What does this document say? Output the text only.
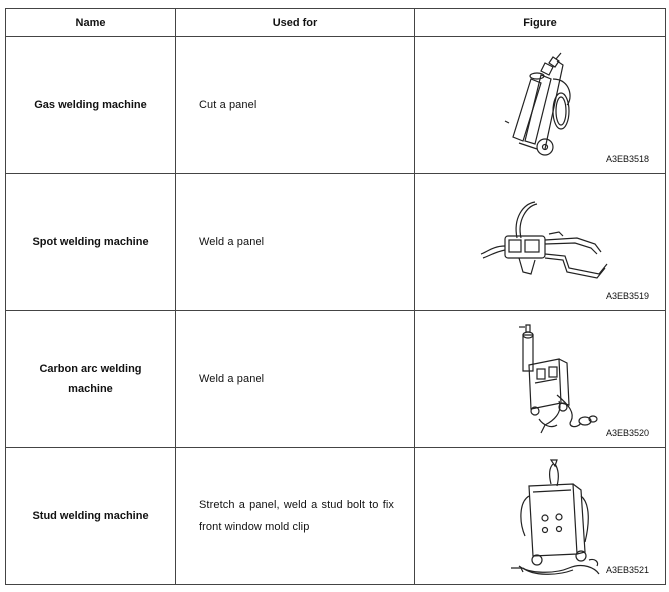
Name	Used for	Figure
Gas welding machine	Cut a panel	A3EB3518

Spot welding machine	Weld a panel	A3EB3519

Carbon arc welding machine	Weld a panel	A3EB3520

Stud welding machine	Stretch a panel, weld a stud bolt to fix front window mold clip	A3EB3521
